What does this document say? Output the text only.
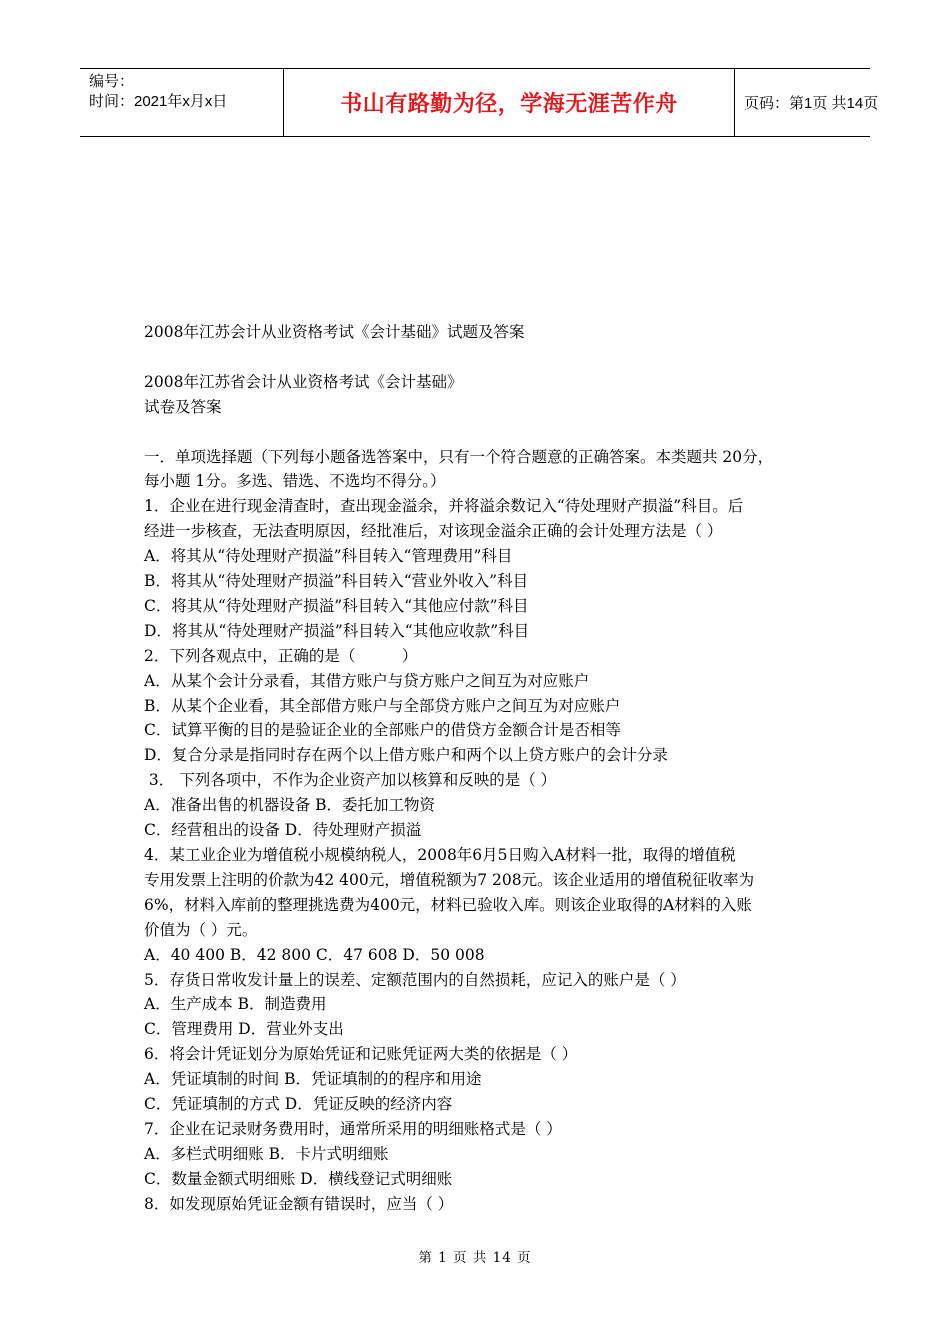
编号：
时间：2021年x月x日	书山有路勤为径，学海无涯苦作舟	页码：第1页 共14页

2008年江苏会计从业资格考试《会计基础》试题及答案

2008年江苏省会计从业资格考试《会计基础》

试卷及答案

一．单项选择题（下列每小题备选答案中，只有一个符合题意的正确答案。本类题共 20分，

每小题 1分。多选、错选、不选均不得分。）

1．企业在进行现金清查时，查出现金溢余，并将溢余数记入“待处理财产损溢”科目。后

经进一步核查，无法查明原因，经批准后，对该现金溢余正确的会计处理方法是（ ）

A．将其从“待处理财产损溢”科目转入“管理费用”科目

B．将其从“待处理财产损溢”科目转入“营业外收入”科目

C．将其从“待处理财产损溢”科目转入“其他应付款”科目

D．将其从“待处理财产损溢”科目转入“其他应收款”科目

2．下列各观点中，正确的是（　　　）

A．从某个会计分录看，其借方账户与贷方账户之间互为对应账户

B．从某个企业看，其全部借方账户与全部贷方账户之间互为对应账户

C．试算平衡的目的是验证企业的全部账户的借贷方金额合计是否相等

D．复合分录是指同时存在两个以上借方账户和两个以上贷方账户的会计分录

3． 下列各项中，不作为企业资产加以核算和反映的是（ ）

A．准备出售的机器设备 B．委托加工物资

C．经营租出的设备 D．待处理财产损溢

4．某工业企业为增值税小规模纳税人，2008年6月5日购入A材料一批，取得的增值税

专用发票上注明的价款为42 400元，增值税额为7 208元。该企业适用的增值税征收率为

6%，材料入库前的整理挑选费为400元，材料已验收入库。则该企业取得的A材料的入账

价值为（ ）元。

A．40 400 B．42 800 C．47 608 D．50 008

5．存货日常收发计量上的误差、定额范围内的自然损耗，应记入的账户是（ ）

A．生产成本 B．制造费用

C．管理费用 D．营业外支出

6．将会计凭证划分为原始凭证和记账凭证两大类的依据是（ ）

A．凭证填制的时间 B．凭证填制的的程序和用途

C．凭证填制的方式 D．凭证反映的经济内容

7．企业在记录财务费用时，通常所采用的明细账格式是（ ）

A．多栏式明细账 B．卡片式明细账

C．数量金额式明细账 D．横线登记式明细账

8．如发现原始凭证金额有错误时，应当（ ）

第 1 页 共 14 页
